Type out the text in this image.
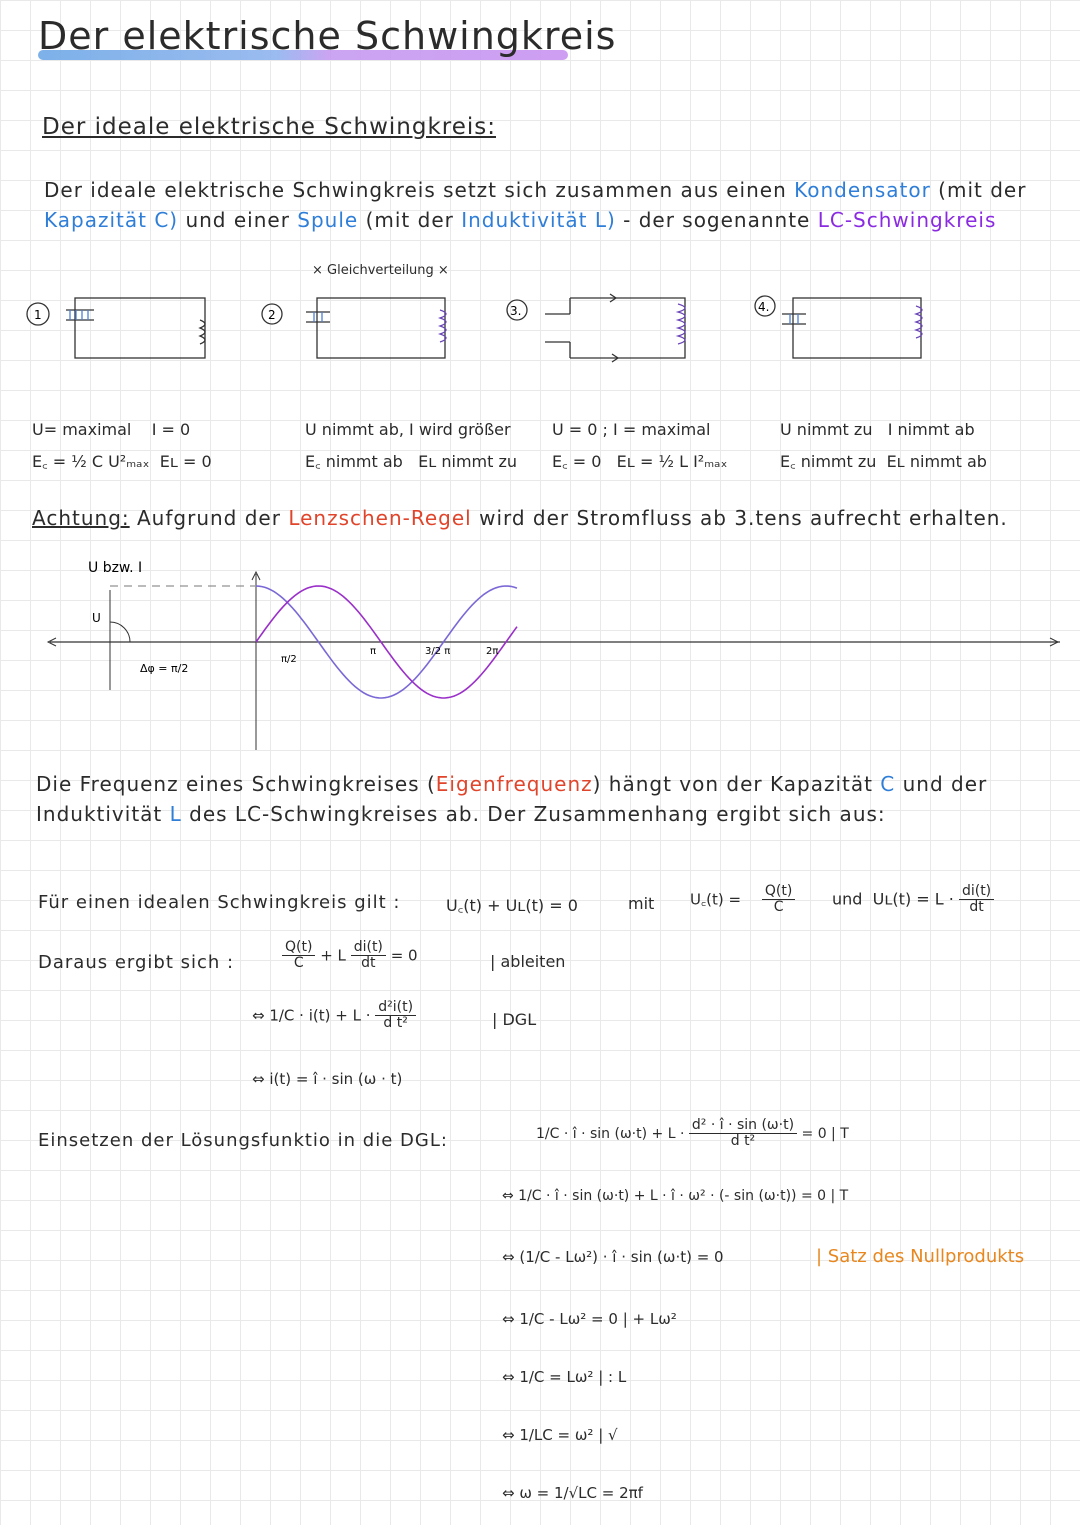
Der elektrische Schwingkreis
Der ideale elektrische Schwingkreis:
Der ideale elektrische Schwingkreis setzt sich zusammen aus einen Kondensator (mit der
Kapazität C) und einer Spule (mit der Induktivität L) - der sogenannte LC-Schwingkreis
× Gleichverteilung ×
1	2	3.	4.
U= maximal I = 0
E꜀ = ½ C U²ₘₐₓ Eʟ = 0
U nimmt ab, I wird größer
E꜀ nimmt ab Eʟ nimmt zu
U = 0 ; I = maximal
E꜀ = 0 Eʟ = ½ L I²ₘₐₓ
U nimmt zu I nimmt ab
E꜀ nimmt zu Eʟ nimmt ab
Achtung: Aufgrund der Lenzschen-Regel wird der Stromfluss ab 3.tens aufrecht erhalten.
U bzw. I
U
Δφ = π/2
π/2
π	3/2 π	2π
Die Frequenz eines Schwingkreises (Eigenfrequenz) hängt von der Kapazität C und der
Induktivität L des LC-Schwingkreises ab. Der Zusammenhang ergibt sich aus:
Für einen idealen Schwingkreis gilt :	U꜀(t) + Uʟ(t) = 0	mit U꜀(t) = $\frac{Q(t)}{C}$ und Uʟ(t) = $L \cdot \frac{di(t)}{dt}$
Daraus ergibt sich :	$\frac{Q(t)}{C} + L \frac{di(t)}{dt} = 0$	| ableiten
⇔ $1/C \cdot i(t) + L \cdot \frac{\text{d²i(t)}}{\text{d t²}}$	| DGL
⇔ i(t) = î · sin (ω · t)
Einsetzen der Lösungsfunktio in die DGL:	1/C · î · $\sin (\omega\cdot t) + L \cdot \frac{\text{d² · î · sin (ω·t)}}{\text{d t²}} = 0$ | T
⇔ 1/C · î · sin (ω·t) + L · î · ω² · (- sin (ω·t)) = 0 | T
⇔ (1/C - Lω²) · î · sin (ω·t) = 0	| Satz des Nullprodukts
⇔ 1/C - Lω² = 0 | + Lω²
⇔ 1/C = Lω² | : L
⇔ 1/LC = ω² | √
⇔ ω = 1/√LC = 2πf
